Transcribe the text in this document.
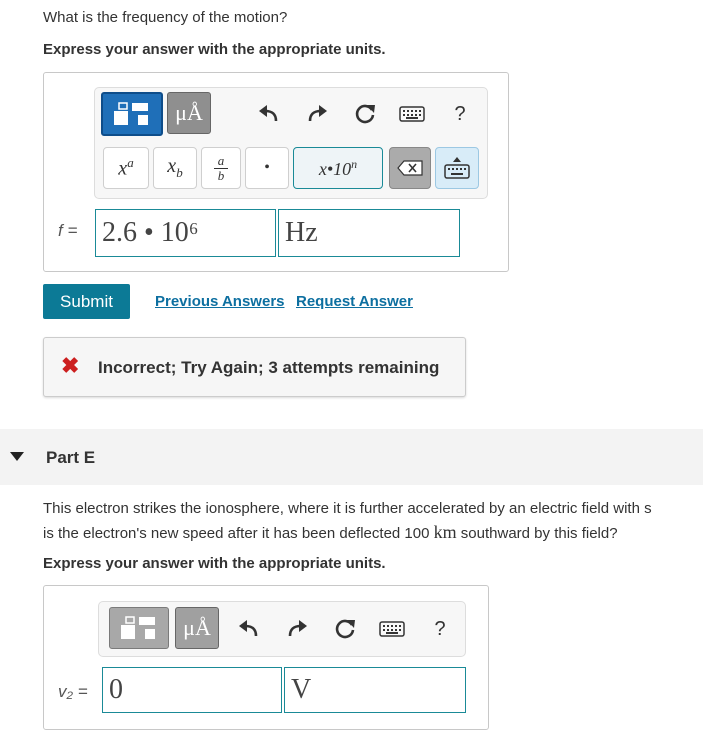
What is the frequency of the motion?
Express your answer with the appropriate units.
μÅ	?
$x^a$ $x_b$
a
b •	x•10$^n$
f = 2.6 • 10⁶	Hz
Submit	Previous Answers Request Answer
✖ Incorrect; Try Again; 3 attempts remaining
Part E
This electron strikes the ionosphere, where it is further accelerated by an electric field with s
is the electron's new speed after it has been deflected 100 km southward by this field?
Express your answer with the appropriate units.
μÅ	?
v₂ = 0	V
